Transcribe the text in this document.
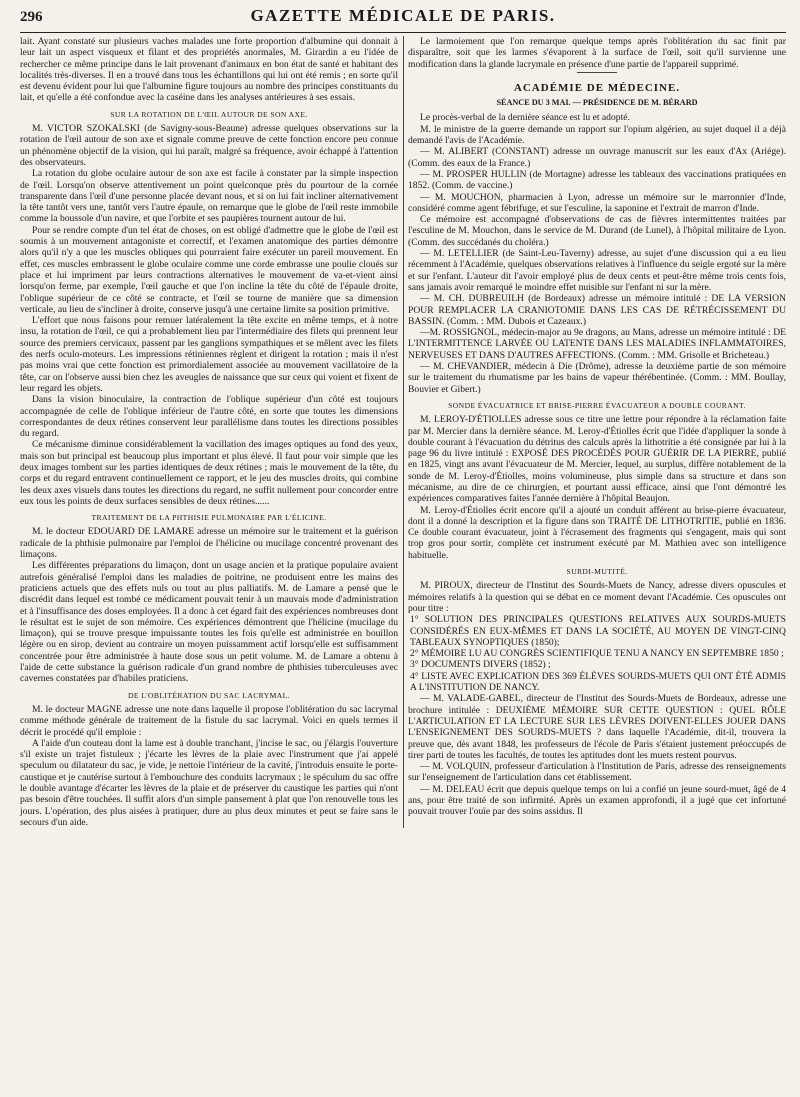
296	GAZETTE MÉDICALE DE PARIS.

lait. Ayant constaté sur plusieurs vaches malades une forte proportion d'albumine qui donnait à leur lait un aspect visqueux et filant et des propriétés anormales, M. Girardin a eu l'idée de rechercher ce même principe dans le lait provenant d'animaux en bon état de santé et habitant des localités très-diverses. Il en a trouvé dans tous les échantillons qui lui ont été remis ; en sorte qu'il est devenu évident pour lui que l'albumine figure toujours au nombre des principes constituants du lait, et qu'elle a été confondue avec la caséine dans les analyses antérieures à ses essais.

SUR LA ROTATION DE L'ŒIL AUTOUR DE SON AXE.

M. VICTOR SZOKALSKI (de Savigny-sous-Beaune) adresse quelques observations sur la rotation de l'œil autour de son axe et signale comme preuve de cette fonction encore peu connue un phénomène objectif de la vision, qui lui paraît, malgré sa fréquence, avoir échappé à l'attention des observateurs.

La rotation du globe oculaire autour de son axe est facile à constater par la simple inspection de l'œil. Lorsqu'on observe attentivement un point quelconque près du pourtour de la cornée transparente dans l'œil d'une personne placée devant nous, et si on lui fait incliner alternativement la tête tantôt vers une, tantôt vers l'autre épaule, on remarque que le globe de l'œil reste immobile comme la boussole d'un navire, et que l'orbite et ses paupières tournent autour de lui.

Pour se rendre compte d'un tel état de choses, on est obligé d'admettre que le globe de l'œil est soumis à un mouvement antagoniste et correctif, et l'examen anatomique des parties démontre alors qu'il n'y a que les muscles obliques qui pourraient faire exécuter un pareil mouvement. En effet, ces muscles embrassent le globe oculaire comme une corde embrasse une poulie cloués sur place et lui impriment par leurs contractions alternatives le mouvement de va-et-vient ainsi lorsqu'on ferme, par exemple, l'œil gauche et que l'on incline la tête du côté de l'épaule droite, l'oblique supérieur de ce côté se contracte, et l'œil se tourne de manière que sa dimension verticale, au lieu de s'incliner à droite, conserve jusqu'à une certaine limite sa position primitive.

L'effort que nous faisons pour remuer latéralement la tête excite en même temps, et à notre insu, la rotation de l'œil, ce qui a probablement lieu par l'intermédiaire des filets qui prennent leur source des premiers cervicaux, passent par les ganglions sympathiques et se mêlent avec les filets des nerfs oculo-moteurs. Les impressions rétiniennes règlent et dirigent la rotation ; mais il n'est pas moins vrai que cette fonction est primordialement associée au mouvement vacillatoire de la tête, car on l'observe aussi bien chez les aveugles de naissance que sur ceux qui voient et fixent de leur regard les objets.

Dans la vision binoculaire, la contraction de l'oblique supérieur d'un côté est toujours accompagnée de celle de l'oblique inférieur de l'autre côté, en sorte que toutes les dimensions correspondantes de deux rétines conservent leur parallélisme dans toutes les directions possibles du regard.

Ce mécanisme diminue considérablement la vacillation des images optiques au fond des yeux, mais son but principal est beaucoup plus important et plus élevé. Il faut pour voir simple que les deux images tombent sur les parties identiques de deux rétines ; mais le mouvement de la tête, du corps et du regard entravent continuellement ce rapport, et le jeu des muscles droits, qui combine les deux axes visuels dans toutes les directions du regard, ne suffit nullement pour concorder entre eux tous les points de deux surfaces sensibles de deux rétines......

TRAITEMENT DE LA PHTHISIE PULMONAIRE PAR L'ÉLICINE.

M. le docteur EDOUARD DE LAMARE adresse un mémoire sur le traitement et la guérison radicale de la phthisie pulmonaire par l'emploi de l'hélicine ou mucilage concentré provenant des limaçons.

Les différentes préparations du limaçon, dont un usage ancien et la pratique populaire avaient autrefois généralisé l'emploi dans les maladies de poitrine, ne produisent entre les mains des praticiens actuels que des effets nuls ou tout au plus palliatifs. M. de Lamare a pensé que le discrédit dans lequel est tombé ce médicament pouvait tenir à un mauvais mode d'administration et à l'insuffisance des doses employées. Il a donc à cet égard fait des expériences nombreuses dont le résultat est le sujet de son mémoire. Ces expériences démontrent que l'hélicine (mucilage du limaçon), qui se trouve presque impuissante toutes les fois qu'elle est administrée en bouillon légère ou en sirop, devient au contraire un moyen puissamment actif lorsqu'elle est suffisamment concentrée pour être administrée à haute dose sous un petit volume. M. de Lamare a obtenu à l'aide de cette substance la guérison radicale d'un grand nombre de phthisies tuberculeuses avec cavernes constatées par d'habiles praticiens.

DE L'OBLITÉRATION DU SAC LACRYMAL.

M. le docteur MAGNE adresse une note dans laquelle il propose l'oblitération du sac lacrymal comme méthode générale de traitement de la fistule du sac lacrymal. Voici en quels termes il décrit le procédé qu'il emploie :

A l'aide d'un couteau dont la lame est à double tranchant, j'incise le sac, ou j'élargis l'ouverture s'il existe un trajet fistuleux ; j'écarte les lèvres de la plaie avec l'instrument que j'ai appelé speculum ou dilatateur du sac, je vide, je nettoie l'intérieur de la cavité, j'introduis ensuite le porte-caustique et je cautérise surtout à l'embouchure des conduits lacrymaux ; le spéculum du sac offre le double avantage d'écarter les lèvres de la plaie et de préserver du caustique les parties qui n'ont pas besoin d'être touchées. Il suffit alors d'un simple pansement à plat que l'on renouvelle tous les jours. L'opération, des plus aisées à pratiquer, dure au plus deux minutes et peut se faire sans le secours d'un aide.

Le larmoiement que l'on remarque quelque temps après l'oblitération du sac finit par disparaître, soit que les larmes s'évaporent à la surface de l'œil, soit qu'il survienne une modification dans la glande lacrymale en présence d'une partie de l'appareil supprimé.

ACADÉMIE DE MÉDECINE.
SÉANCE DU 3 MAI. — PRÉSIDENCE DE M. BÉRARD

Le procès-verbal de la dernière séance est lu et adopté.

M. le ministre de la guerre demande un rapport sur l'opium algérien, au sujet duquel il a déjà demandé l'avis de l'Académie.

— M. ALIBERT (CONSTANT) adresse un ouvrage manuscrit sur les eaux d'Ax (Ariége). (Comm. des eaux de la France.)

— M. PROSPER HULLIN (de Mortagne) adresse les tableaux des vaccinations pratiquées en 1852. (Comm. de vaccine.)

— M. MOUCHON, pharmacien à Lyon, adresse un mémoire sur le marronnier d'Inde, considéré comme agent fébrifuge, et sur l'esculine, la saponine et l'extrait de marron d'Inde.

Ce mémoire est accompagné d'observations de cas de fièvres intermittentes traitées par l'esculine de M. Mouchon, dans le service de M. Durand (de Lunel), à l'hôpital militaire de Lyon. (Comm. des succédanés du choléra.)

— M. LETELLIER (de Saint-Leu-Taverny) adresse, au sujet d'une discussion qui a eu lieu récemment à l'Académie, quelques observations relatives à l'influence du seigle ergoté sur la mère et sur l'enfant. L'auteur dit l'avoir employé plus de deux cents et peut-être même trois cents fois, sans jamais avoir remarqué le moindre effet nuisible sur l'enfant ni sur la mère.

— M. CH. DUBREUILH (de Bordeaux) adresse un mémoire intitulé : DE LA VERSION POUR REMPLACER LA CRANIOTOMIE DANS LES CAS DE RÉTRÉCISSEMENT DU BASSIN. (Comm. : MM. Dubois et Cazeaux.)

—M. ROSSIGNOL, médecin-major au 9e dragons, au Mans, adresse un mémoire intitulé : DE L'INTERMITTENCE LARVÉE OU LATENTE DANS LES MALADIES INFLAMMATOIRES, NERVEUSES ET DANS D'AUTRES AFFECTIONS. (Comm. : MM. Grisolle et Bricheteau.)

— M. CHEVANDIER, médecin à Die (Drôme), adresse la deuxième partie de son mémoire sur le traitement du rhumatisme par les bains de vapeur thérébentinée. (Comm. : MM. Boullay, Bouvier et Gibert.)

SONDE ÉVACUATRICE ET BRISE-PIERRE ÉVACUATEUR A DOUBLE COURANT.

M. LEROY-D'ÉTIOLLES adresse sous ce titre une lettre pour répondre à la réclamation faite par M. Mercier dans la dernière séance. M. Leroy-d'Étiolles écrit que l'idée d'appliquer la sonde à double courant à l'évacuation du détritus des calculs après la lithotritie a été consignée par lui à la page 96 du livre intitulé : EXPOSÉ DES PROCÉDÉS POUR GUÉRIR DE LA PIERRE, publié en 1825, vingt ans avant l'évacuateur de M. Mercier, lequel, au surplus, diffère notablement de la sonde de M. Leroy-d'Étiolles, moins volumineuse, plus simple dans sa structure et dans son mécanisme, au dire de ce chirurgien, et pourtant aussi efficace, ainsi que l'ont démontré les expériences comparatives faites l'année dernière à l'hôpital Beaujon.

M. Leroy-d'Étiolles écrit encore qu'il a ajouté un conduit afférent au brise-pierre évacuateur, dont il a donné la description et la figure dans son TRAITÉ DE LITHOTRITIE, publié en 1836. Ce double courant évacuateur, joint à l'écrasement des fragments qui s'engagent, mais qui sont trop gros pour sortir, complète cet instrument exécuté par M. Mathieu avec son intelligence habituelle.

SURDI-MUTITÉ.

M. PIROUX, directeur de l'Institut des Sourds-Muets de Nancy, adresse divers opuscules et mémoires relatifs à la question qui se débat en ce moment devant l'Académie. Ces opuscules ont pour titre :

1° SOLUTION DES PRINCIPALES QUESTIONS RELATIVES AUX SOURDS-MUETS CONSIDÉRÉS EN EUX-MÊMES ET DANS LA SOCIÉTÉ, AU MOYEN DE VINGT-CINQ TABLEAUX SYNOPTIQUES (1850);

2° MÉMOIRE LU AU CONGRÈS SCIENTIFIQUE TENU A NANCY EN SEPTEMBRE 1850 ;

3° DOCUMENTS DIVERS (1852) ;

4° LISTE AVEC EXPLICATION DES 369 ÉLÈVES SOURDS-MUETS QUI ONT ÉTÉ ADMIS A L'INSTITUTION DE NANCY.

— M. VALADE-GABEL, directeur de l'Institut des Sourds-Muets de Bordeaux, adresse une brochure intitulée : DEUXIÈME MÉMOIRE SUR CETTE QUESTION : QUEL RÔLE L'ARTICULATION ET LA LECTURE SUR LES LÈVRES DOIVENT-ELLES JOUER DANS L'ENSEIGNEMENT DES SOURDS-MUETS ? dans laquelle l'Académie, dit-il, trouvera la preuve que, dès avant 1848, les professeurs de l'école de Paris s'étaient justement préoccupés de tirer parti de toutes les facultés, de toutes les aptitudes dont les muets restent pourvus.

— M. VOLQUIN, professeur d'articulation à l'Institution de Paris, adresse des renseignements sur l'enseignement de l'articulation dans cet établissement.

— M. DELEAU écrit que depuis quelque temps on lui a confié un jeune sourd-muet, âgé de 4 ans, pour être traité de son infirmité. Après un examen approfondi, il a jugé que cet infortuné pouvait trouver l'ouïe par des soins assidus. Il
